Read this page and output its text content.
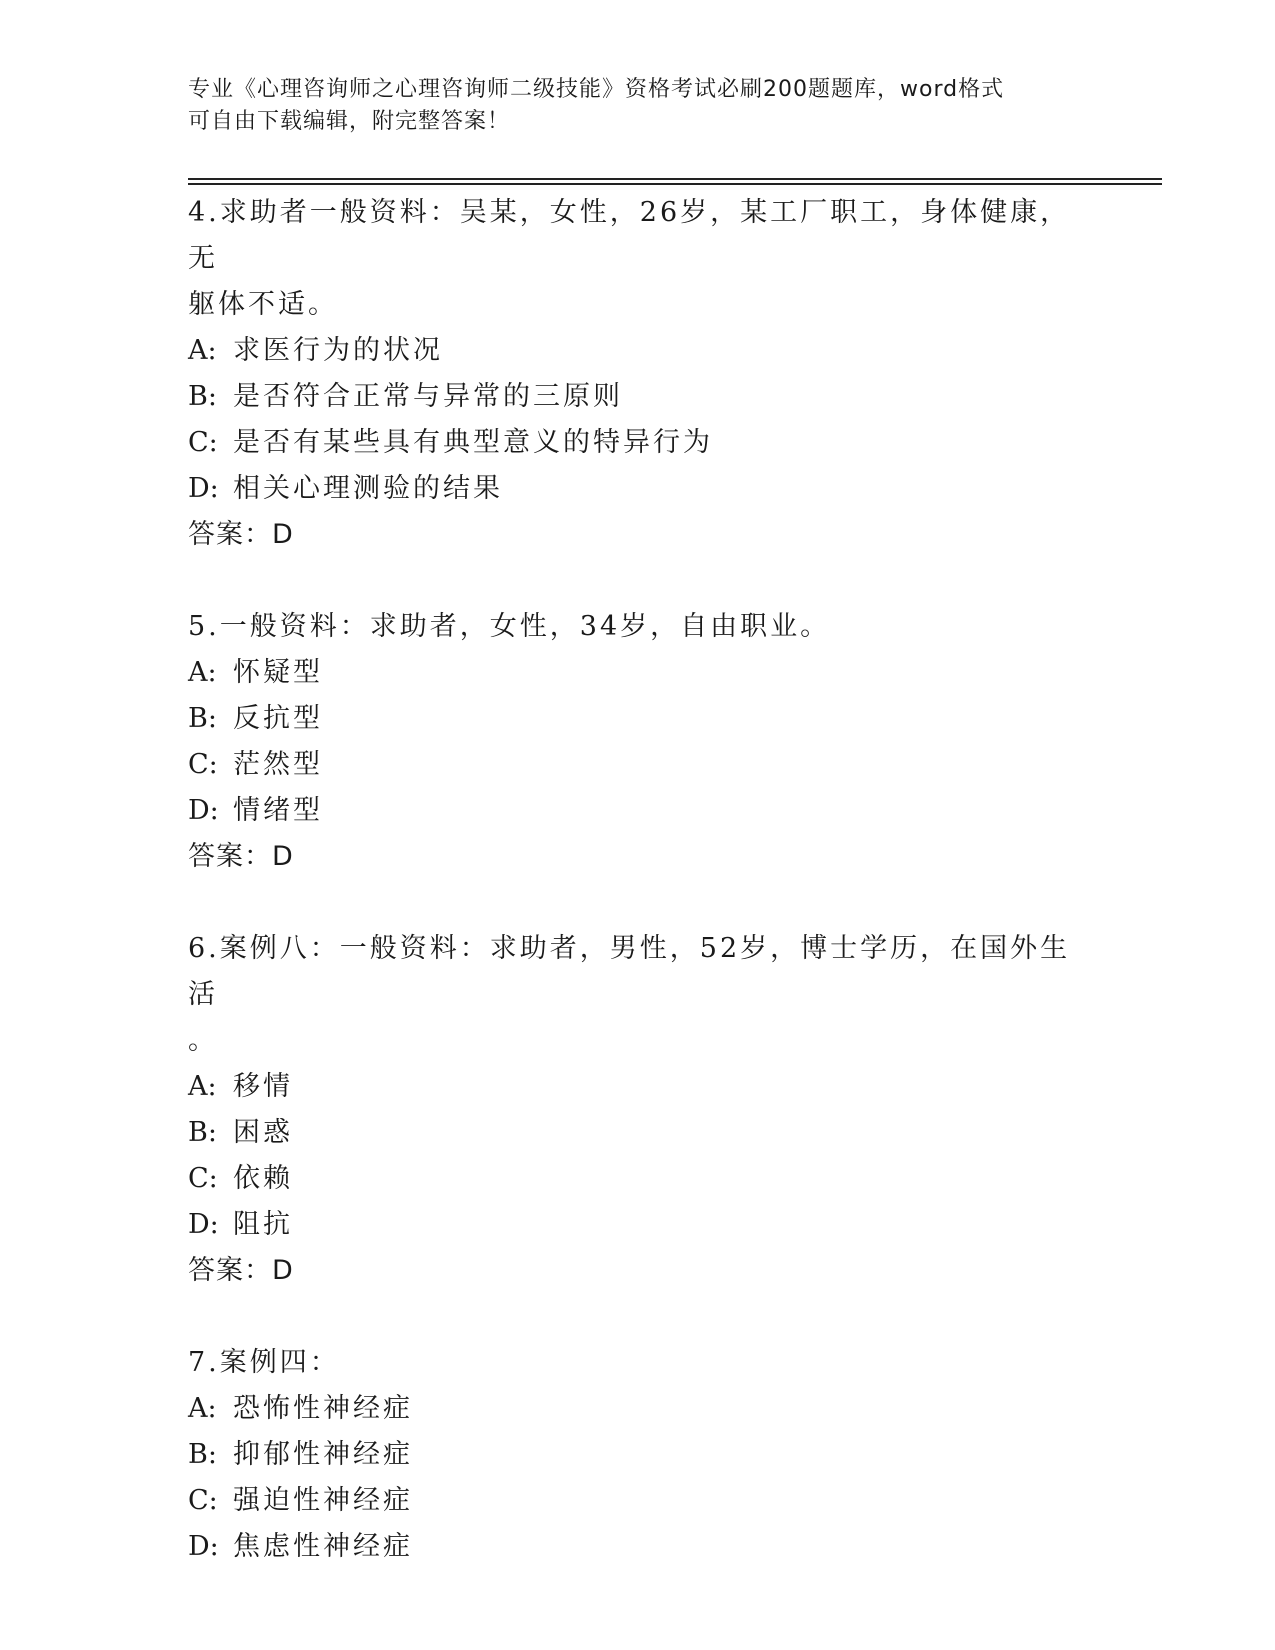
专业《心理咨询师之心理咨询师二级技能》资格考试必刷200题题库，word格式
可自由下载编辑，附完整答案！
4.求助者一般资料：吴某，女性，26岁，某工厂职工，身体健康，无
躯体不适。
A: 求医行为的状况
B: 是否符合正常与异常的三原则
C: 是否有某些具有典型意义的特异行为
D: 相关心理测验的结果
答案：D
5.一般资料：求助者，女性，34岁，自由职业。
A: 怀疑型
B: 反抗型
C: 茫然型
D: 情绪型
答案：D
6.案例八：一般资料：求助者，男性，52岁，博士学历，在国外生活
。
A: 移情
B: 困惑
C: 依赖
D: 阻抗
答案：D
7.案例四：
A: 恐怖性神经症
B: 抑郁性神经症
C: 强迫性神经症
D: 焦虑性神经症
